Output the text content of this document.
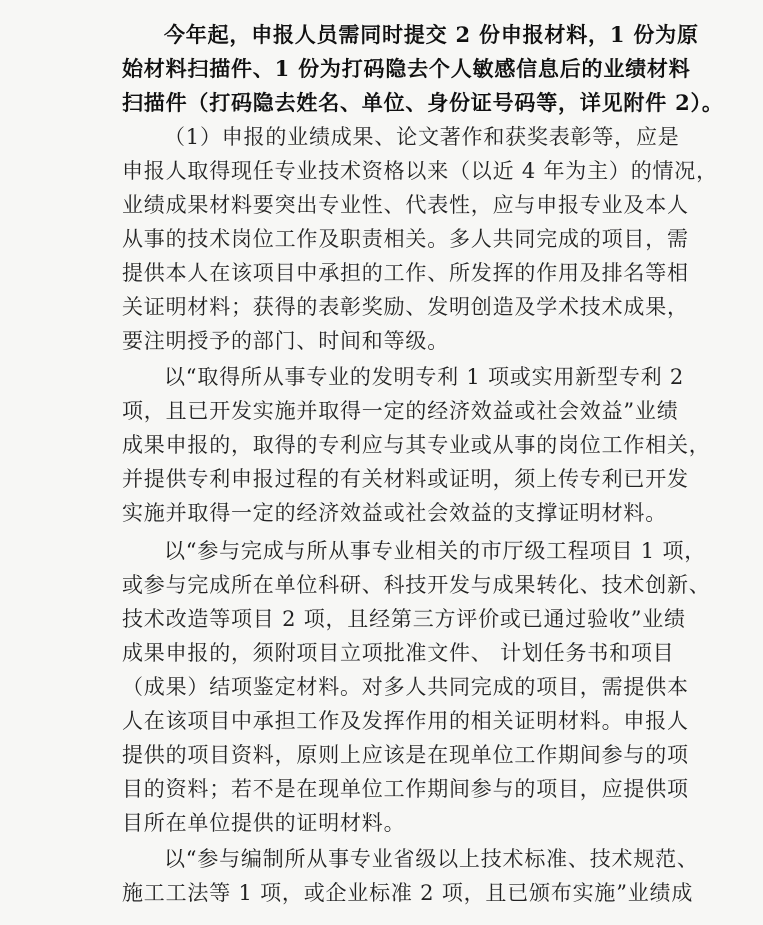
今年起，申报人员需同时提交 2 份申报材料，1 份为原
始材料扫描件、1 份为打码隐去个人敏感信息后的业绩材料
扫描件（打码隐去姓名、单位、身份证号码等，详见附件 2）。
（1）申报的业绩成果、论文著作和获奖表彰等，应是
申报人取得现任专业技术资格以来（以近 4 年为主）的情况，
业绩成果材料要突出专业性、代表性，应与申报专业及本人
从事的技术岗位工作及职责相关。多人共同完成的项目，需
提供本人在该项目中承担的工作、所发挥的作用及排名等相
关证明材料；获得的表彰奖励、发明创造及学术技术成果，
要注明授予的部门、时间和等级。
以“取得所从事专业的发明专利 1 项或实用新型专利 2
项，且已开发实施并取得一定的经济效益或社会效益”业绩
成果申报的，取得的专利应与其专业或从事的岗位工作相关，
并提供专利申报过程的有关材料或证明，须上传专利已开发
实施并取得一定的经济效益或社会效益的支撑证明材料。
以“参与完成与所从事专业相关的市厅级工程项目 1 项，
或参与完成所在单位科研、科技开发与成果转化、技术创新、
技术改造等项目 2 项，且经第三方评价或已通过验收”业绩
成果申报的，须附项目立项批准文件、 计划任务书和项目
（成果）结项鉴定材料。对多人共同完成的项目，需提供本
人在该项目中承担工作及发挥作用的相关证明材料。申报人
提供的项目资料，原则上应该是在现单位工作期间参与的项
目的资料；若不是在现单位工作期间参与的项目，应提供项
目所在单位提供的证明材料。
以“参与编制所从事专业省级以上技术标准、技术规范、
施工工法等 1 项，或企业标准 2 项，且已颁布实施”业绩成
